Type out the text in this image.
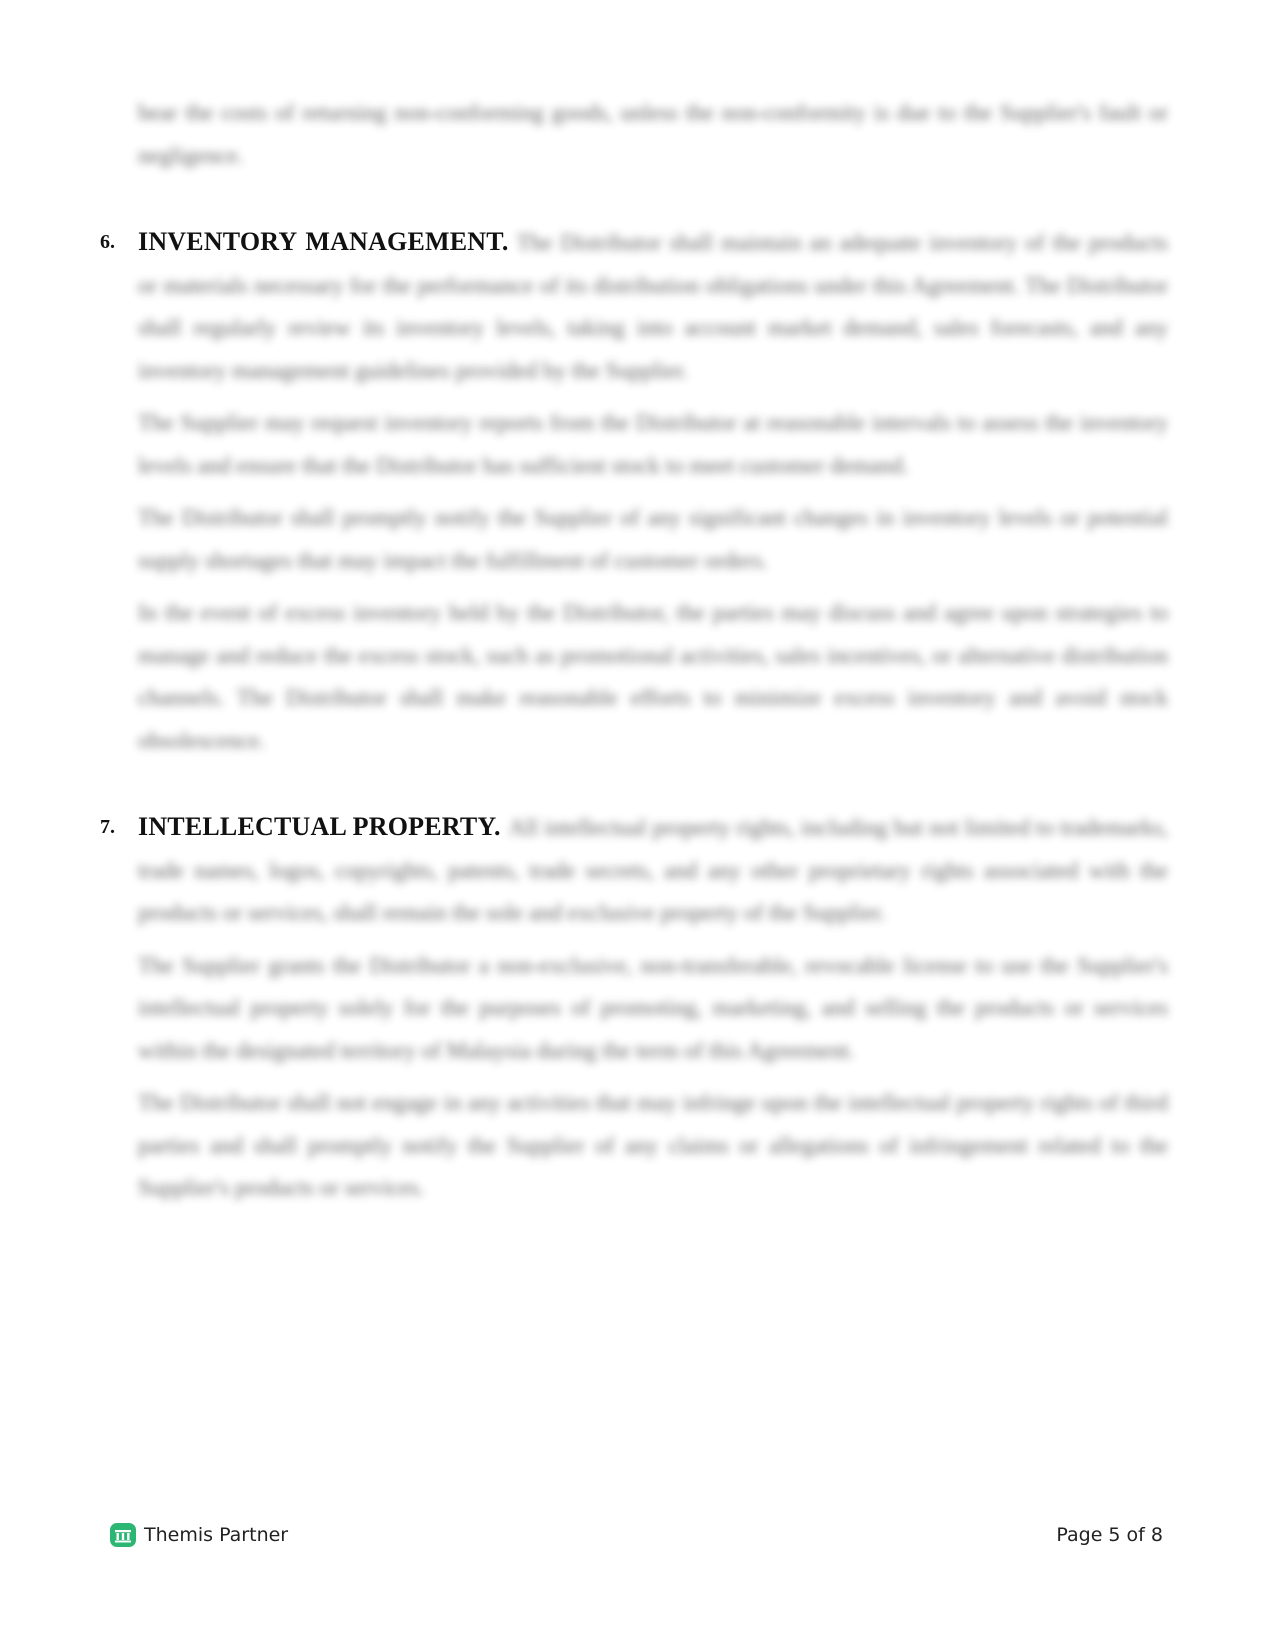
bear the costs of returning non-conforming goods, unless the non-conformity is due to the Supplier's fault or negligence.

6. INVENTORY MANAGEMENT. The Distributor shall maintain an adequate inventory of the products or materials necessary for the performance of its distribution obligations under this Agreement. The Distributor shall regularly review its inventory levels, taking into account market demand, sales forecasts, and any inventory management guidelines provided by the Supplier.

The Supplier may request inventory reports from the Distributor at reasonable intervals to assess the inventory levels and ensure that the Distributor has sufficient stock to meet customer demand.

The Distributor shall promptly notify the Supplier of any significant changes in inventory levels or potential supply shortages that may impact the fulfillment of customer orders.

In the event of excess inventory held by the Distributor, the parties may discuss and agree upon strategies to manage and reduce the excess stock, such as promotional activities, sales incentives, or alternative distribution channels. The Distributor shall make reasonable efforts to minimize excess inventory and avoid stock obsolescence.

7. INTELLECTUAL PROPERTY. All intellectual property rights, including but not limited to trademarks, trade names, logos, copyrights, patents, trade secrets, and any other proprietary rights associated with the products or services, shall remain the sole and exclusive property of the Supplier.

The Supplier grants the Distributor a non-exclusive, non-transferable, revocable license to use the Supplier's intellectual property solely for the purposes of promoting, marketing, and selling the products or services within the designated territory of Malaysia during the term of this Agreement.

The Distributor shall not engage in any activities that may infringe upon the intellectual property rights of third parties and shall promptly notify the Supplier of any claims or allegations of infringement related to the Supplier's products or services.

Themis Partner	Page 5 of 8
